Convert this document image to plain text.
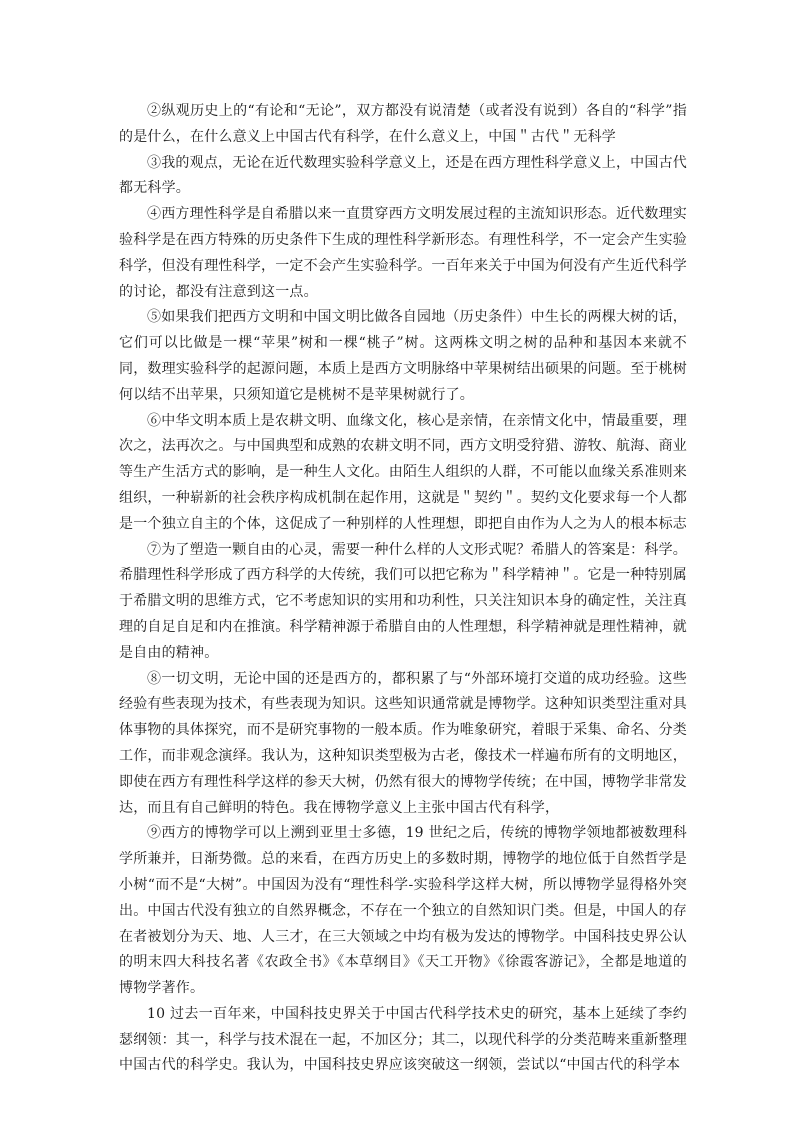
②纵观历史上的“有论和“无论”，双方都没有说清楚（或者没有说到）各自的“科学”指的是什么，在什么意义上中国古代有科学，在什么意义上，中国＂古代＂无科学

③我的观点，无论在近代数理实验科学意义上，还是在西方理性科学意义上，中国古代都无科学。

④西方理性科学是自希腊以来一直贯穿西方文明发展过程的主流知识形态。近代数理实验科学是在西方特殊的历史条件下生成的理性科学新形态。有理性科学，不一定会产生实验科学，但没有理性科学，一定不会产生实验科学。一百年来关于中国为何没有产生近代科学的讨论，都没有注意到这一点。

⑤如果我们把西方文明和中国文明比做各自园地（历史条件）中生长的两棵大树的话，它们可以比做是一棵“苹果”树和一棵“桃子”树。这两株文明之树的品种和基因本来就不同，数理实验科学的起源问题，本质上是西方文明脉络中苹果树结出硕果的问题。至于桃树何以结不出苹果，只须知道它是桃树不是苹果树就行了。

⑥中华文明本质上是农耕文明、血缘文化，核心是亲情，在亲情文化中，情最重要，理次之，法再次之。与中国典型和成熟的农耕文明不同，西方文明受狩猎、游牧、航海、商业等生产生活方式的影响，是一种生人文化。由陌生人组织的人群，不可能以血缘关系准则来组织，一种崭新的社会秩序构成机制在起作用，这就是＂契约＂。契约文化要求每一个人都是一个独立自主的个体，这促成了一种别样的人性理想，即把自由作为人之为人的根本标志

⑦为了塑造一颗自由的心灵，需要一种什么样的人文形式呢？希腊人的答案是：科学。希腊理性科学形成了西方科学的大传统，我们可以把它称为＂科学精神＂。它是一种特别属于希腊文明的思维方式，它不考虑知识的实用和功利性，只关注知识本身的确定性，关注真理的自足自足和内在推演。科学精神源于希腊自由的人性理想，科学精神就是理性精神，就是自由的精神。

⑧一切文明，无论中国的还是西方的，都积累了与“外部环境打交道的成功经验。这些经验有些表现为技术，有些表现为知识。这些知识通常就是博物学。这种知识类型注重对具体事物的具体探究，而不是研究事物的一般本质。作为唯象研究，着眼于采集、命名、分类工作，而非观念演绎。我认为，这种知识类型极为古老，像技术一样遍布所有的文明地区，即使在西方有理性科学这样的参天大树，仍然有很大的博物学传统；在中国，博物学非常发达，而且有自己鲜明的特色。我在博物学意义上主张中国古代有科学，

⑨西方的博物学可以上溯到亚里士多德，19 世纪之后，传统的博物学领地都被数理科学所兼并，日渐势微。总的来看，在西方历史上的多数时期，博物学的地位低于自然哲学是小树“而不是“大树”。中国因为没有“理性科学-实验科学这样大树，所以博物学显得格外突出。中国古代没有独立的自然界概念，不存在一个独立的自然知识门类。但是，中国人的存在者被划分为天、地、人三才，在三大领域之中均有极为发达的博物学。中国科技史界公认的明末四大科技名著《农政全书》《本草纲目》《天工开物》《徐霞客游记》，全都是地道的博物学著作。

10 过去一百年来，中国科技史界关于中国古代科学技术史的研究，基本上延续了李约瑟纲领：其一，科学与技术混在一起，不加区分；其二，以现代科学的分类范畴来重新整理中国古代的科学史。我认为，中国科技史界应该突破这一纲领，尝试以“中国古代的科学本
